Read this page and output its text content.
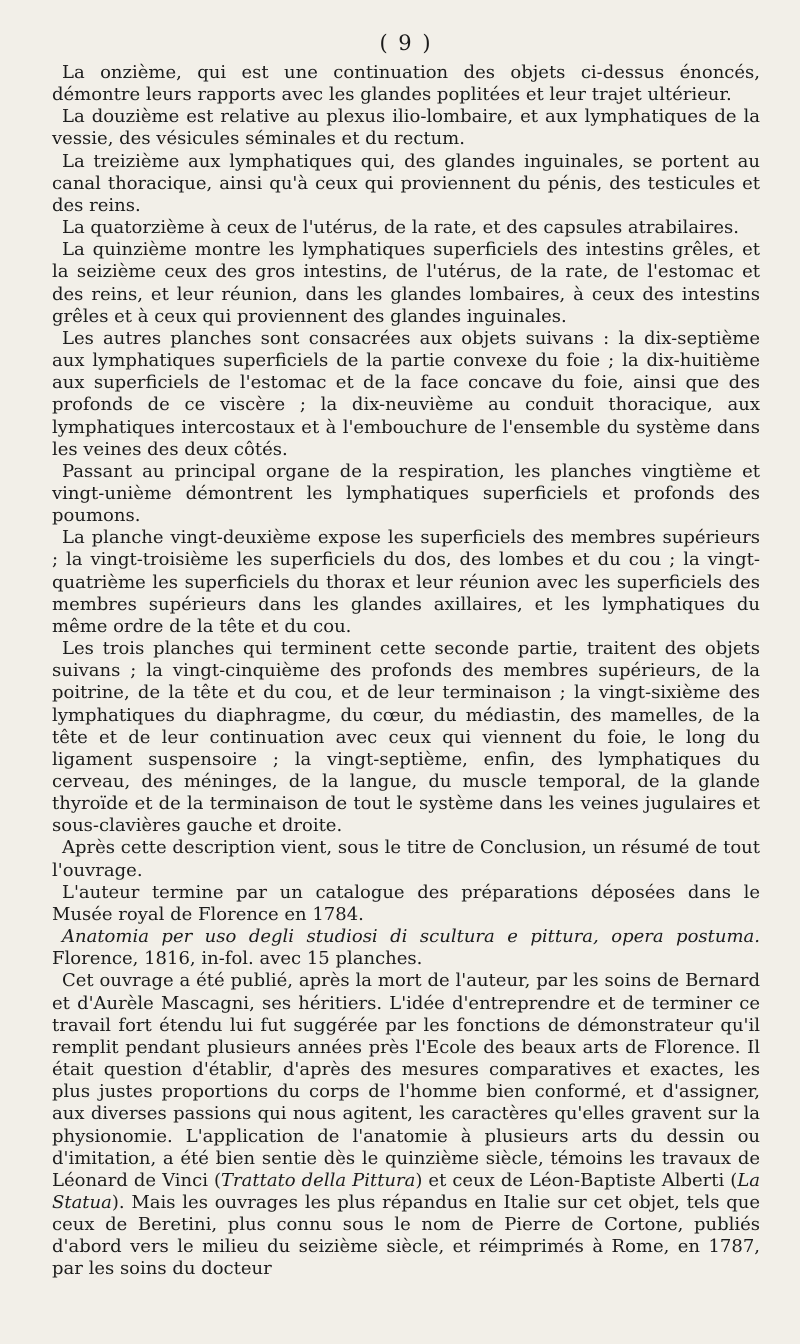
( 9 )

La onzième, qui est une continuation des objets ci-dessus énoncés, démontre leurs rapports avec les glandes poplitées et leur trajet ultérieur.

La douzième est relative au plexus ilio-lombaire, et aux lymphatiques de la vessie, des vésicules séminales et du rectum.

La treizième aux lymphatiques qui, des glandes inguinales, se portent au canal thoracique, ainsi qu'à ceux qui proviennent du pénis, des testicules et des reins.

La quatorzième à ceux de l'utérus, de la rate, et des capsules atrabilaires.

La quinzième montre les lymphatiques superficiels des intestins grêles, et la seizième ceux des gros intestins, de l'utérus, de la rate, de l'estomac et des reins, et leur réunion, dans les glandes lombaires, à ceux des intestins grêles et à ceux qui proviennent des glandes inguinales.

Les autres planches sont consacrées aux objets suivans : la dix-septième aux lymphatiques superficiels de la partie convexe du foie ; la dix-huitième aux superficiels de l'estomac et de la face concave du foie, ainsi que des profonds de ce viscère ; la dix-neuvième au conduit thoracique, aux lymphatiques intercostaux et à l'embouchure de l'ensemble du système dans les veines des deux côtés.

Passant au principal organe de la respiration, les planches vingtième et vingt-unième démontrent les lymphatiques superficiels et profonds des poumons.

La planche vingt-deuxième expose les superficiels des membres supérieurs ; la vingt-troisième les superficiels du dos, des lombes et du cou ; la vingt-quatrième les superficiels du thorax et leur réunion avec les superficiels des membres supérieurs dans les glandes axillaires, et les lymphatiques du même ordre de la tête et du cou.

Les trois planches qui terminent cette seconde partie, traitent des objets suivans ; la vingt-cinquième des profonds des membres supérieurs, de la poitrine, de la tête et du cou, et de leur terminaison ; la vingt-sixième des lymphatiques du diaphragme, du cœur, du médiastin, des mamelles, de la tête et de leur continuation avec ceux qui viennent du foie, le long du ligament suspensoire ; la vingt-septième, enfin, des lymphatiques du cerveau, des méninges, de la langue, du muscle temporal, de la glande thyroïde et de la terminaison de tout le système dans les veines jugulaires et sous-clavières gauche et droite.

Après cette description vient, sous le titre de Conclusion, un résumé de tout l'ouvrage.

L'auteur termine par un catalogue des préparations déposées dans le Musée royal de Florence en 1784.

Anatomia per uso degli studiosi di scultura e pittura, opera postuma. Florence, 1816, in-fol. avec 15 planches.

Cet ouvrage a été publié, après la mort de l'auteur, par les soins de Bernard et d'Aurèle Mascagni, ses héritiers. L'idée d'entreprendre et de terminer ce travail fort étendu lui fut suggérée par les fonctions de démonstrateur qu'il remplit pendant plusieurs années près l'Ecole des beaux arts de Florence. Il était question d'établir, d'après des mesures comparatives et exactes, les plus justes proportions du corps de l'homme bien conformé, et d'assigner, aux diverses passions qui nous agitent, les caractères qu'elles gravent sur la physionomie. L'application de l'anatomie à plusieurs arts du dessin ou d'imitation, a été bien sentie dès le quinzième siècle, témoins les travaux de Léonard de Vinci (Trattato della Pittura) et ceux de Léon-Baptiste Alberti (La Statua). Mais les ouvrages les plus répandus en Italie sur cet objet, tels que ceux de Beretini, plus connu sous le nom de Pierre de Cortone, publiés d'abord vers le milieu du seizième siècle, et réimprimés à Rome, en 1787, par les soins du docteur
